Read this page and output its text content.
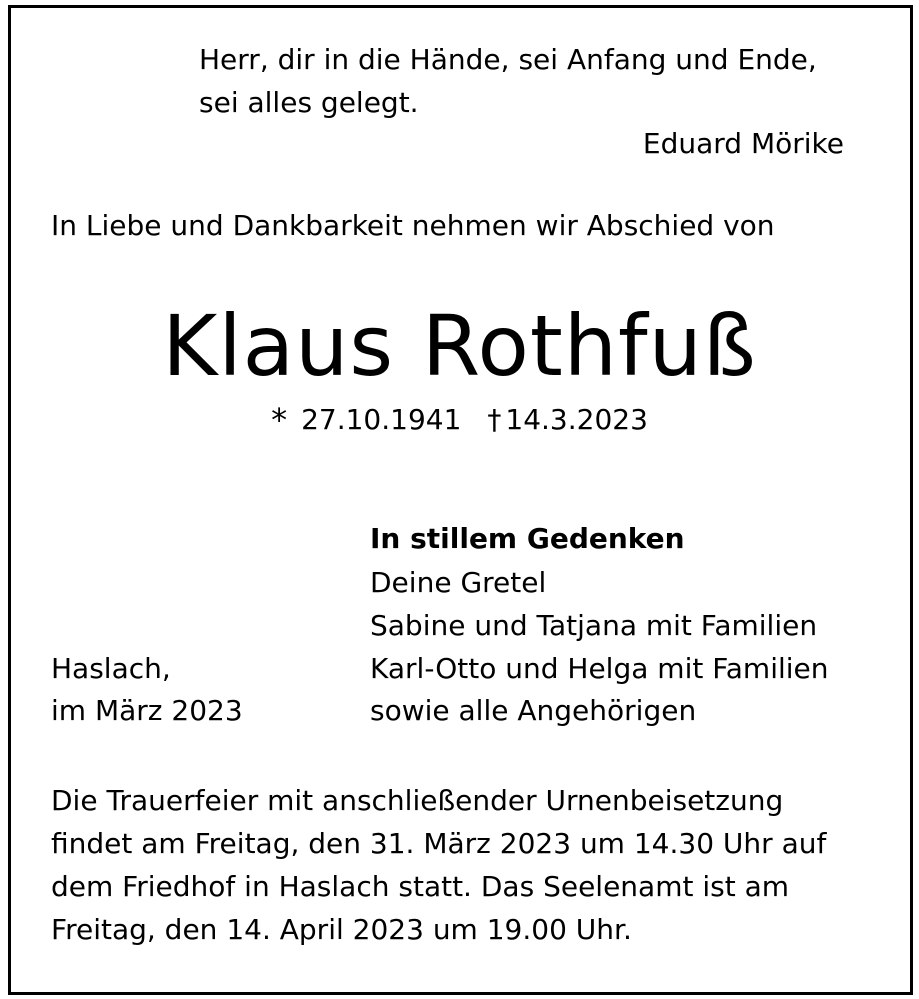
Herr, dir in die Hände, sei Anfang und Ende,
sei alles gelegt.
Eduard Mörike
In Liebe und Dankbarkeit nehmen wir Abschied von
Klaus Rothfuß
* 27.10.1941 † 14.3.2023
In stillem Gedenken
Deine Gretel
Sabine und Tatjana mit Familien
Karl-Otto und Helga mit Familien
sowie alle Angehörigen
Haslach,
im März 2023
Die Trauerfeier mit anschließender Urnenbeisetzung
findet am Freitag, den 31. März 2023 um 14.30 Uhr auf
dem Friedhof in Haslach statt. Das Seelenamt ist am
Freitag, den 14. April 2023 um 19.00 Uhr.
